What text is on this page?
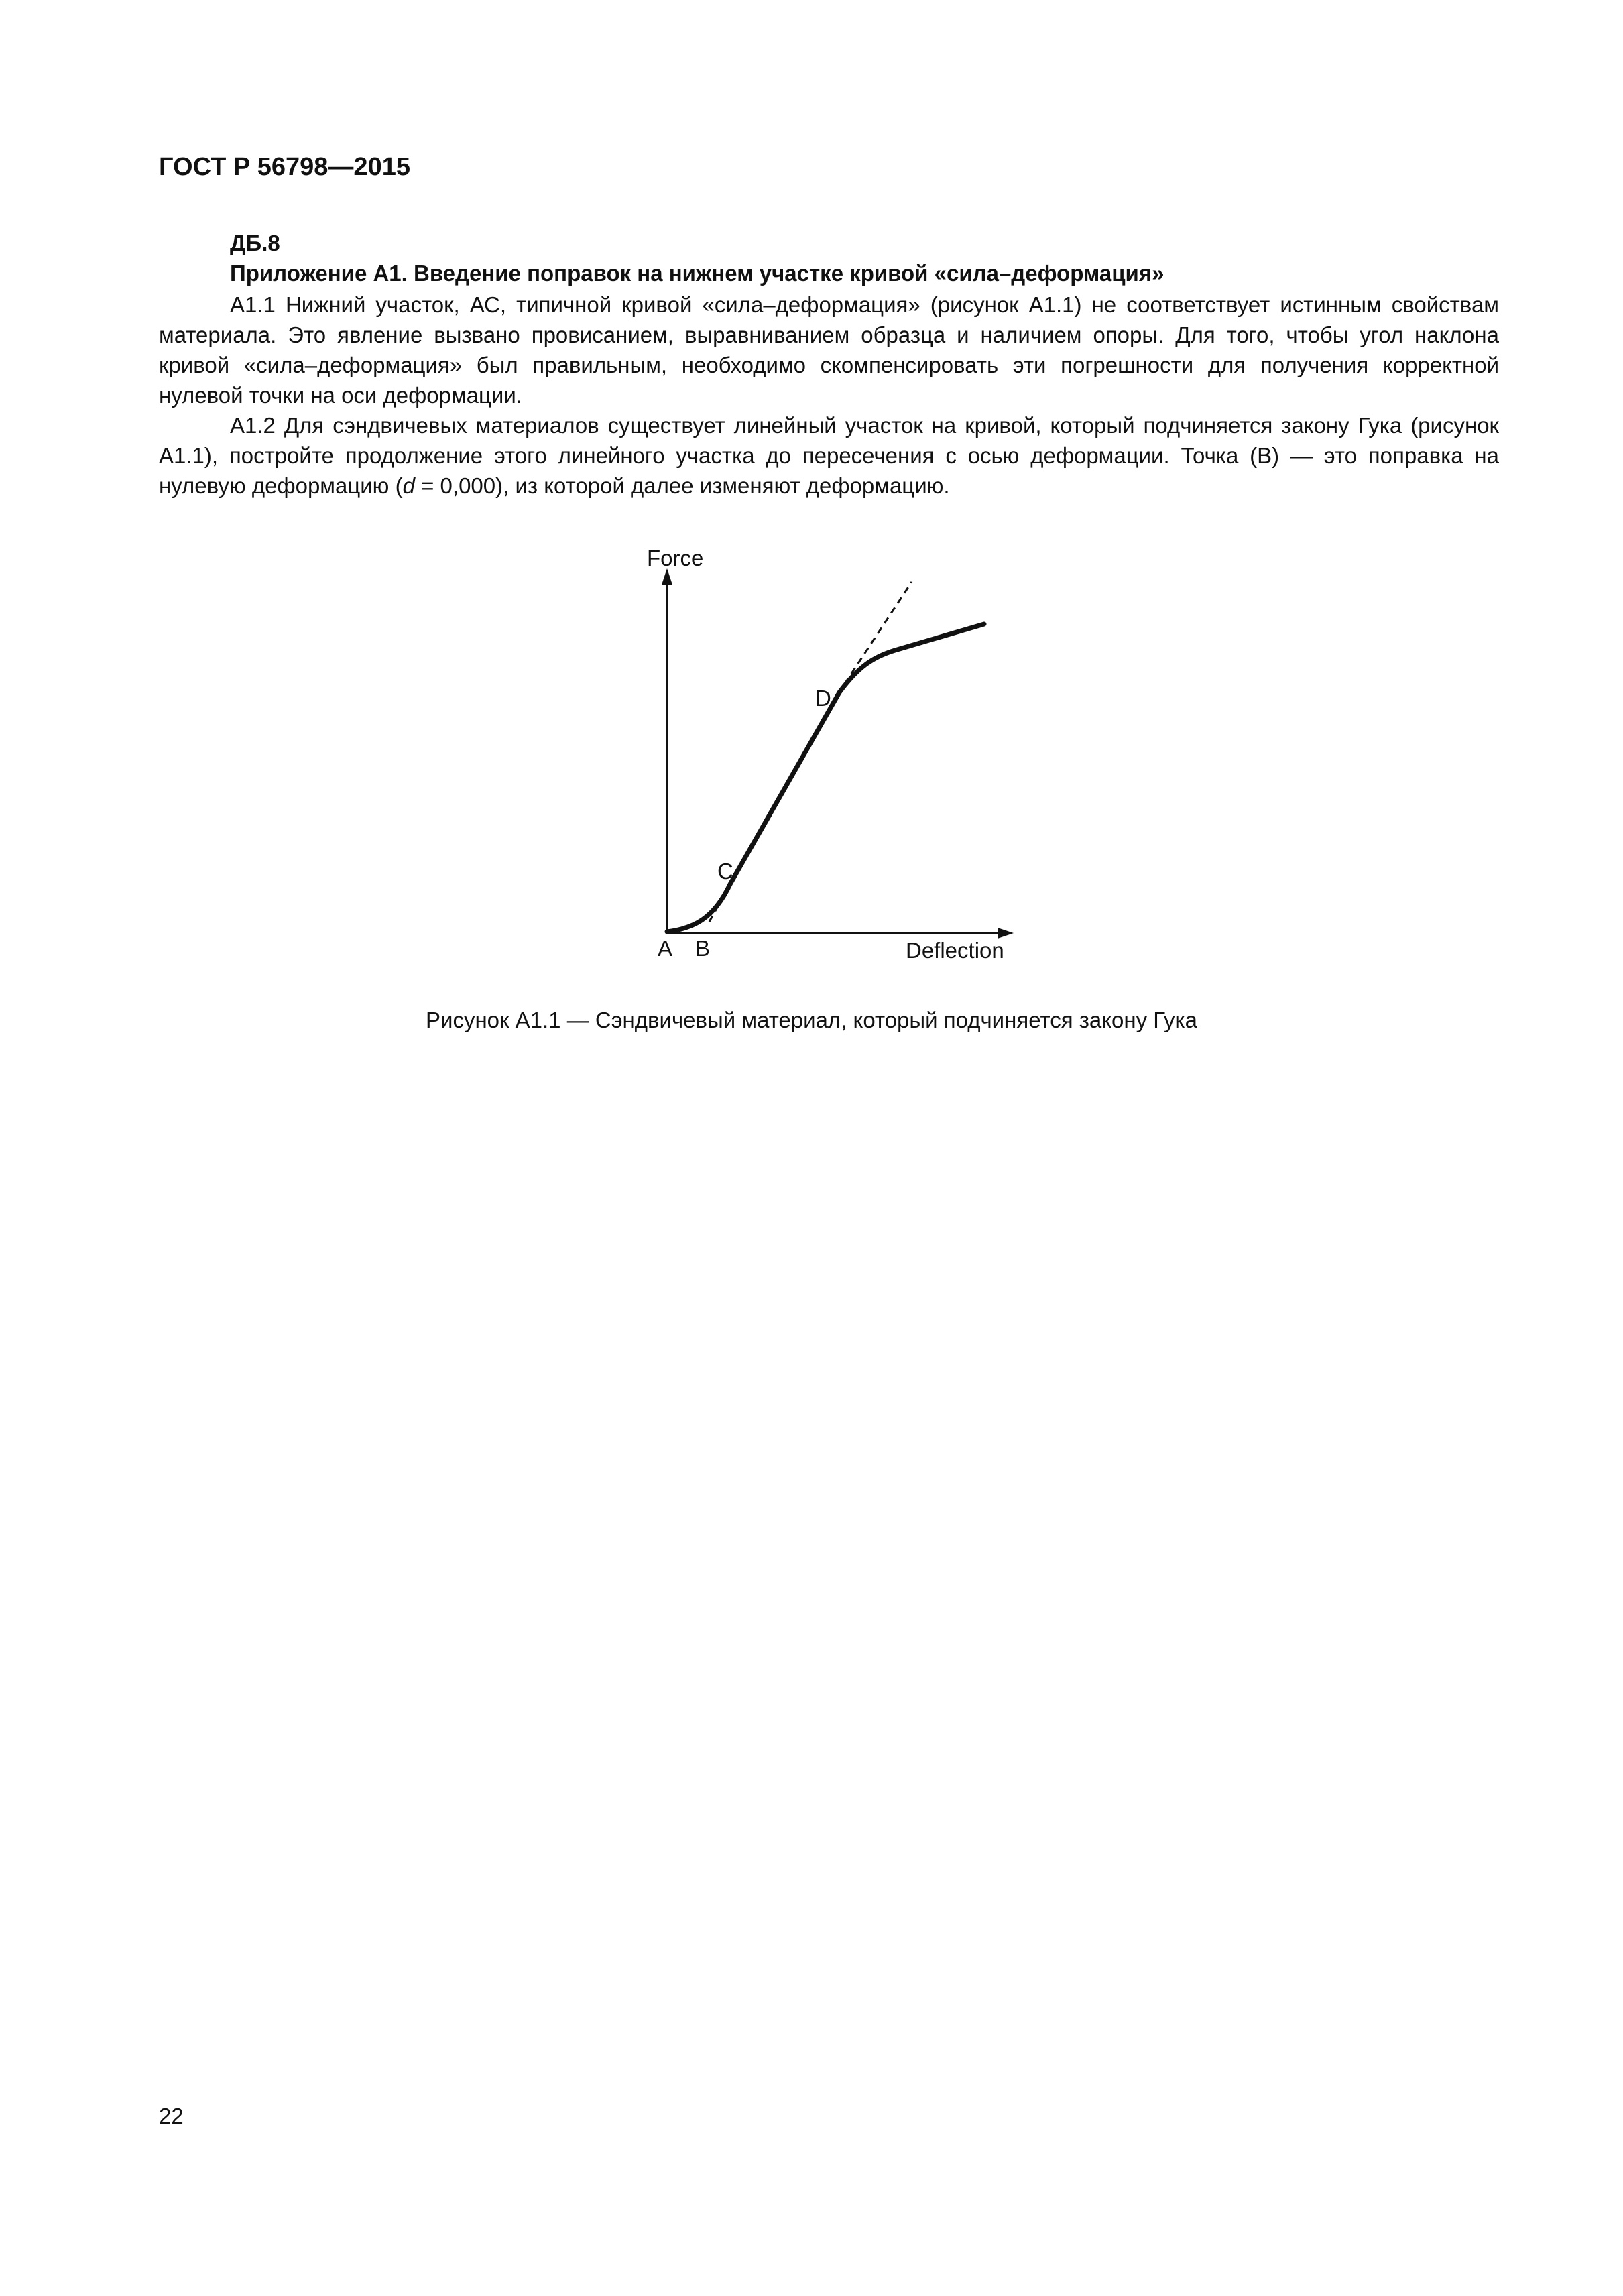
ГОСТ Р 56798—2015
ДБ.8
Приложение А1. Введение поправок на нижнем участке кривой «сила–деформация»

А1.1 Нижний участок, АС, типичной кривой «сила–деформация» (рисунок А1.1) не соответствует истинным свойствам материала. Это явление вызвано провисанием, выравниванием образца и наличием опоры. Для того, чтобы угол наклона кривой «сила–деформация» был правильным, необходимо скомпенсировать эти погрешности для получения корректной нулевой точки на оси деформации.

А1.2 Для сэндвичевых материалов существует линейный участок на кривой, который подчиняется закону Гука (рисунок А1.1), постройте продолжение этого линейного участка до пересечения с осью деформации. Точка (В) — это поправка на нулевую деформацию (d = 0,000), из которой далее изменяют деформацию.

Force
Deflection
A B
C
D

Рисунок А1.1 — Сэндвичевый материал, который подчиняется закону Гука

22
